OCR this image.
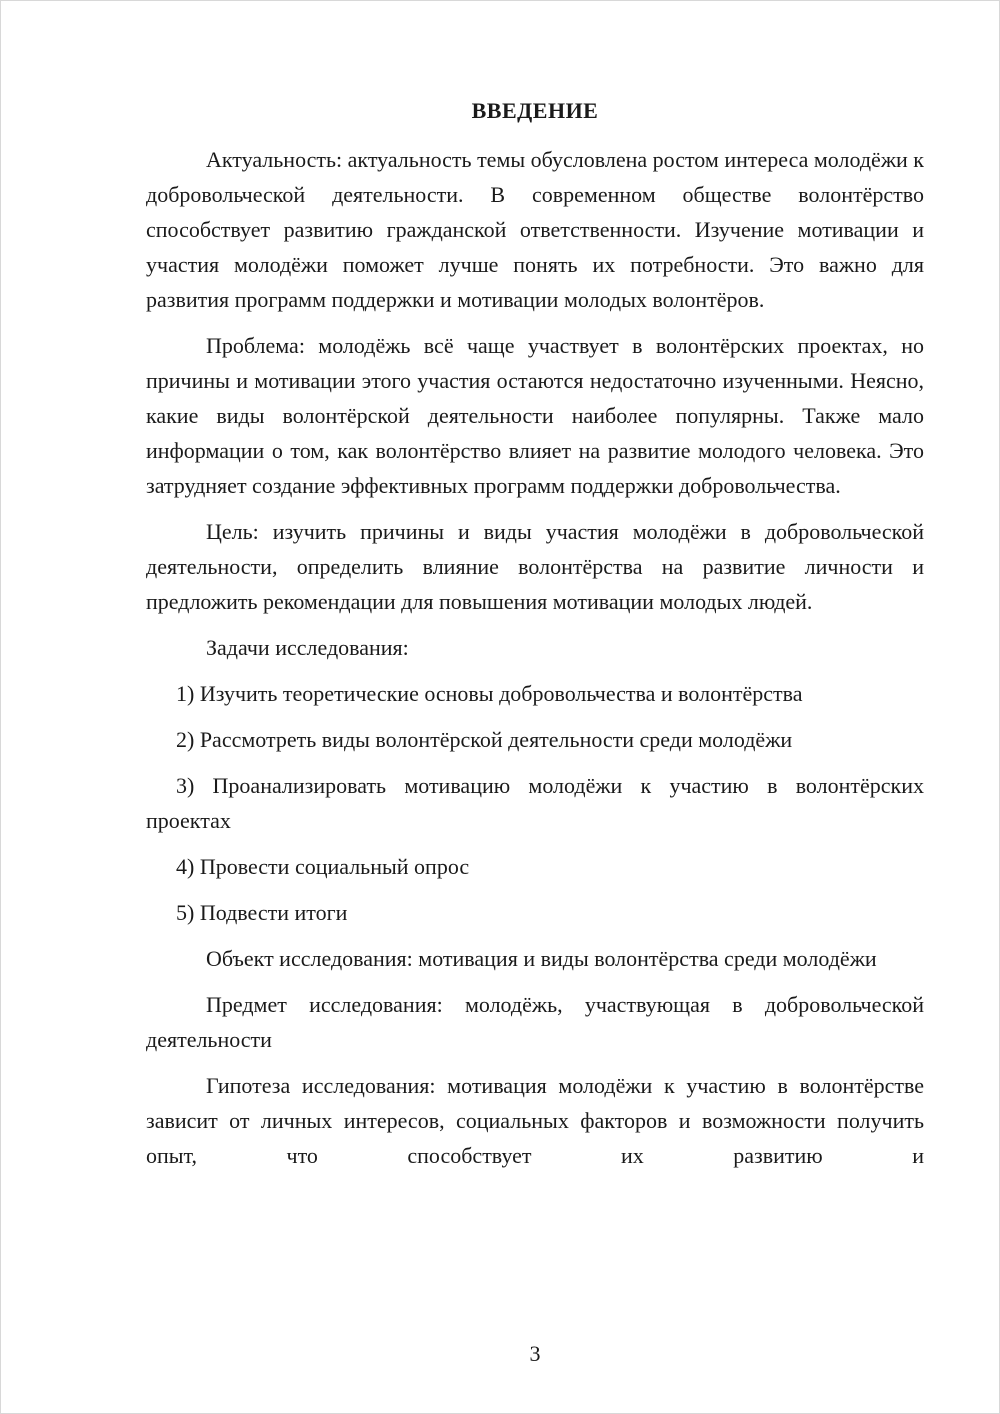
ВВЕДЕНИЕ

Актуальность: актуальность темы обусловлена ростом интереса молодёжи к добровольческой деятельности. В современном обществе волонтёрство способствует развитию гражданской ответственности. Изучение мотивации и участия молодёжи поможет лучше понять их потребности. Это важно для развития программ поддержки и мотивации молодых волонтёров.

Проблема: молодёжь всё чаще участвует в волонтёрских проектах, но причины и мотивации этого участия остаются недостаточно изученными. Неясно, какие виды волонтёрской деятельности наиболее популярны. Также мало информации о том, как волонтёрство влияет на развитие молодого человека. Это затрудняет создание эффективных программ поддержки добровольчества.

Цель: изучить причины и виды участия молодёжи в добровольческой деятельности, определить влияние волонтёрства на развитие личности и предложить рекомендации для повышения мотивации молодых людей.

Задачи исследования:

1) Изучить теоретические основы добровольчества и волонтёрства

2) Рассмотреть виды волонтёрской деятельности среди молодёжи

3) Проанализировать мотивацию молодёжи к участию в волонтёрских проектах

4) Провести социальный опрос

5) Подвести итоги

Объект исследования: мотивация и виды волонтёрства среди молодёжи

Предмет исследования: молодёжь, участвующая в добровольческой деятельности

Гипотеза исследования: мотивация молодёжи к участию в волонтёрстве зависит от личных интересов, социальных факторов и возможности получить опыт, что способствует их развитию и

3
